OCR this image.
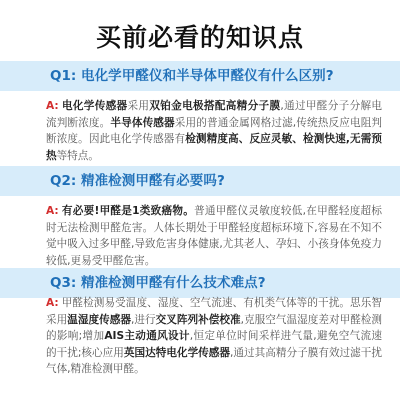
买前必看的知识点
Q1: 电化学甲醛仪和半导体甲醛仪有什么区别?
A: 电化学传感器采用双铂金电极搭配高精分子膜,通过甲醛分子分解电流判断浓度。半导体传感器采用的普通金属网格过滤,传统热反应电阻判断浓度。因此电化学传感器有检测精度高、反应灵敏、检测快速,无需预热等特点。
Q2: 精准检测甲醛有必要吗?
A: 有必要!甲醛是1类致癌物。普通甲醛仪灵敏度较低,在甲醛轻度超标时无法检测甲醛危害。人体长期处于甲醛轻度超标环境下,容易在不知不觉中吸入过多甲醛,导致危害身体健康,尤其老人、孕妇、小孩身体免疫力较低,更易受甲醛危害。
Q3: 精准检测甲醛有什么技术难点?
A: 甲醛检测易受温度、湿度、空气流速、有机类气体等的干扰。思乐智采用温湿度传感器,进行交叉阵列补偿校准,克服空气温湿度差对甲醛检测的影响;增加AIS主动通风设计,恒定单位时间采样进气量,避免空气流速的干扰;核心应用英国达特电化学传感器,通过其高精分子膜有效过滤干扰气体,精准检测甲醛。
